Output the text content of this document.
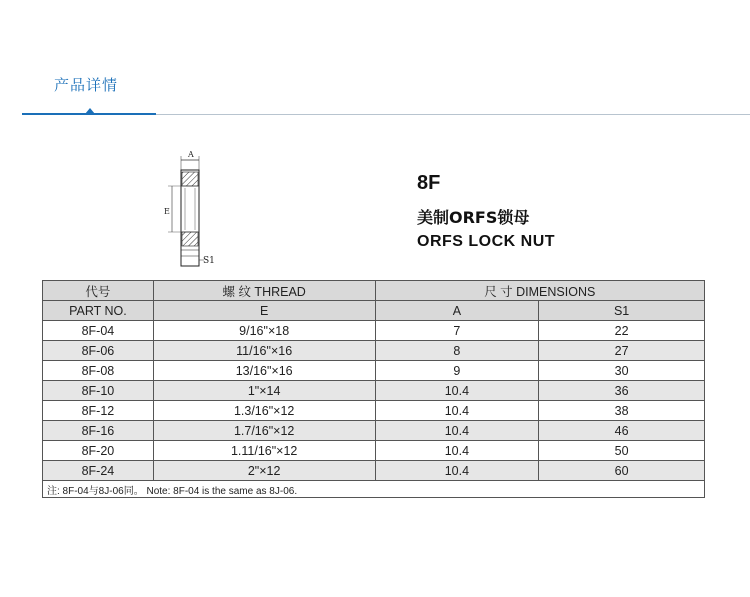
产品详情
A
E
S1
8F
美制ORFS锁母
ORFS LOCK NUT
代号	螺 纹 THREAD	尺 寸 DIMENSIONS	
PART NO.	E	A	S1
8F-04	9/16"×18	7	22
8F-06	11/16"×16	8	27
8F-08	13/16"×16	9	30
8F-10	1"×14	10.4	36
8F-12	1.3/16"×12	10.4	38
8F-16	1.7/16"×12	10.4	46
8F-20	1.11/16"×12	10.4	50
8F-24	2"×12	10.4	60
注: 8F-04与8J-06同。 Note: 8F-04 is the same as 8J-06.			
